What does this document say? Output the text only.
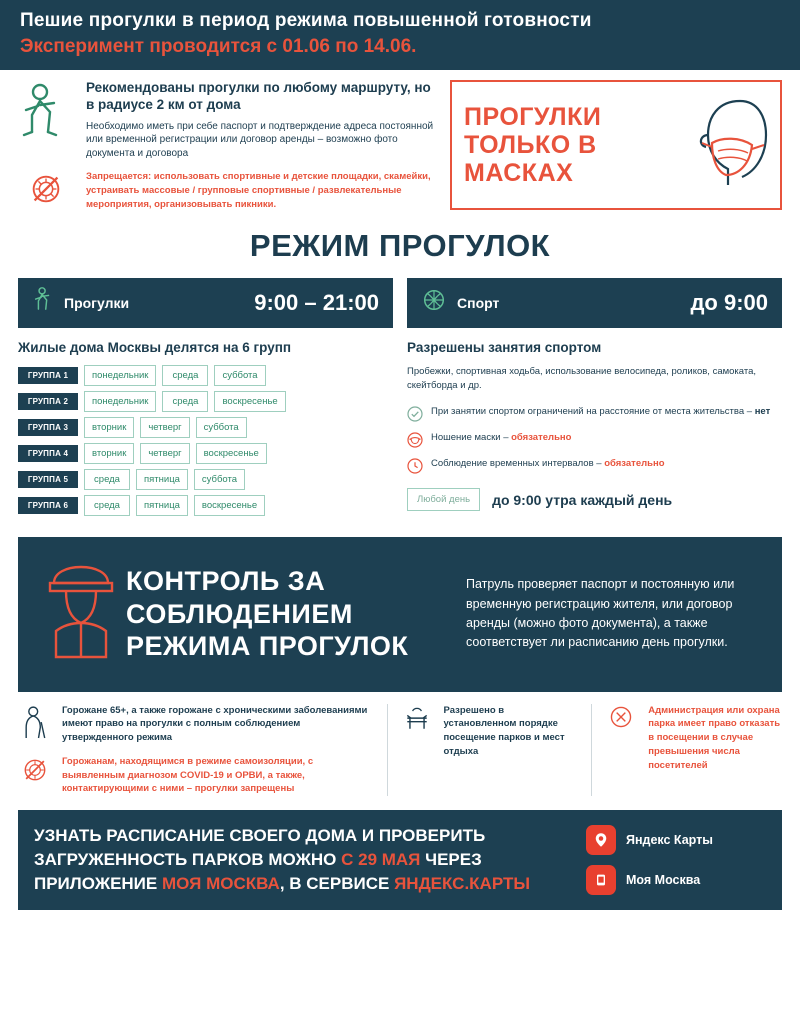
Пешие прогулки в период режима повышенной готовности
Эксперимент проводится с 01.06 по 14.06.
Рекомендованы прогулки по любому маршруту, но в радиусе 2 км от дома
Необходимо иметь при себе паспорт и подтверждение адреса постоянной или временной регистрации или договор аренды – возможно фото документа и договора
Запрещается: использовать спортивные и детские площадки, скамейки, устраивать массовые / групповые спортивные / развлекательные мероприятия, организовывать пикники.
ПРОГУЛКИ ТОЛЬКО В МАСКАХ
РЕЖИМ ПРОГУЛОК
Прогулки	9:00 – 21:00
Жилые дома Москвы делятся на 6 групп
ГРУППА 1	понедельник	среда	суббота
ГРУППА 2	понедельник	среда	воскресенье
ГРУППА 3	вторник	четверг	суббота
ГРУППА 4	вторник	четверг	воскресенье
ГРУППА 5	среда	пятница	суббота
ГРУППА 6	среда	пятница	воскресенье
Спорт	до 9:00
Разрешены занятия спортом
Пробежки, спортивная ходьба, использование велосипеда, роликов, самоката, скейтборда и др.
При занятии спортом ограничений на расстояние от места жительства – нет
Ношение маски – обязательно
Соблюдение временных интервалов – обязательно
Любой день	до 9:00 утра каждый день
КОНТРОЛЬ ЗА СОБЛЮДЕНИЕМ РЕЖИМА ПРОГУЛОК
Патруль проверяет паспорт и постоянную или временную регистрацию жителя, или договор аренды (можно фото документа), а также соответствует ли расписанию день прогулки.
Горожане 65+, а также горожане с хроническими заболеваниями имеют право на прогулки с полным соблюдением утвержденного режима
Горожанам, находящимся в режиме самоизоляции, с выявленным диагнозом COVID-19 и ОРВИ, а также, контактирующими с ними – прогулки запрещены
Разрешено в установленном порядке посещение парков и мест отдыха
Администрация или охрана парка имеет право отказать в посещении в случае превышения числа посетителей
УЗНАТЬ РАСПИСАНИЕ СВОЕГО ДОМА И ПРОВЕРИТЬ ЗАГРУЖЕННОСТЬ ПАРКОВ МОЖНО С 29 МАЯ ЧЕРЕЗ ПРИЛОЖЕНИЕ МОЯ МОСКВА, В СЕРВИСЕ ЯНДЕКС.КАРТЫ
Яндекс Карты
Моя Москва
